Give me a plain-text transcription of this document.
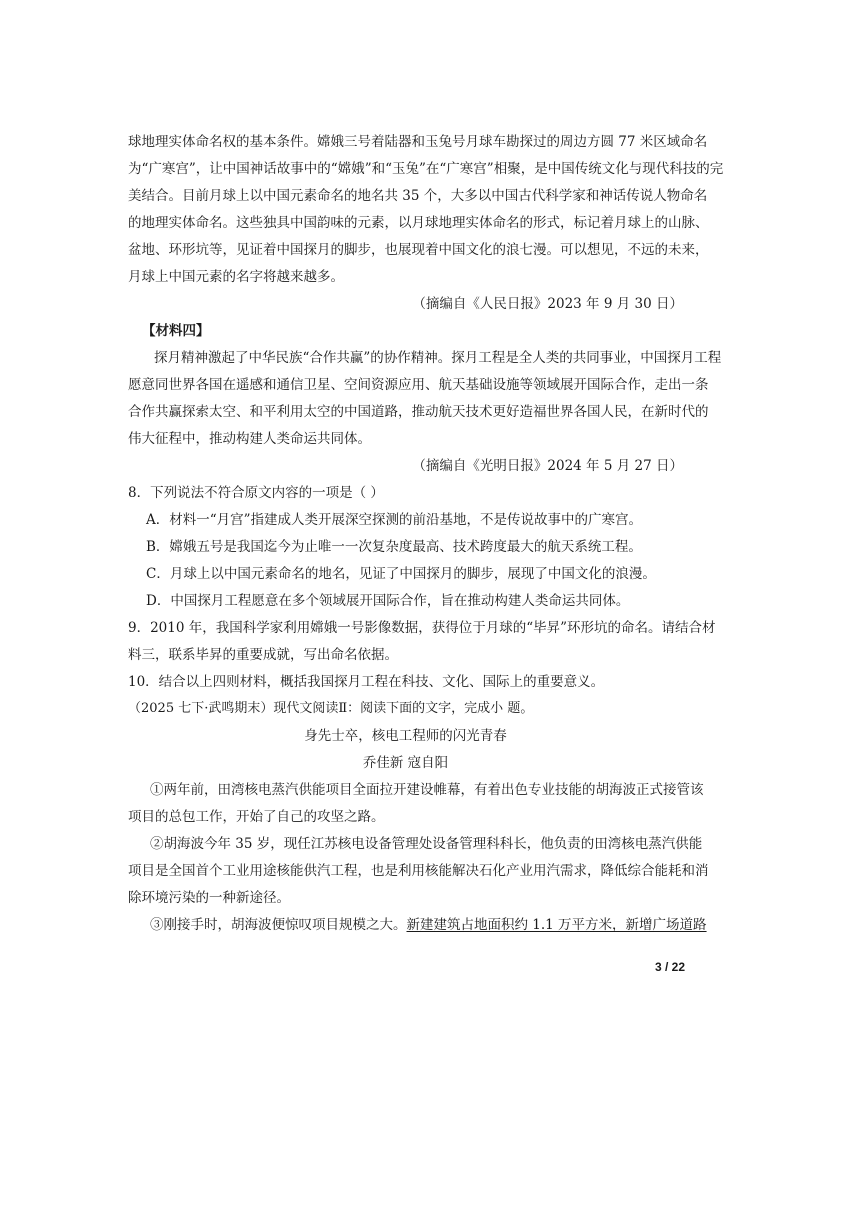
球地理实体命名权的基本条件。嫦娥三号着陆器和玉兔号月球车勘探过的周边方圆 77 米区域命名
为“广寒宫”，让中国神话故事中的“嫦娥”和“玉兔”在“广寒宫”相聚，是中国传统文化与现代科技的完
美结合。目前月球上以中国元素命名的地名共 35 个，大多以中国古代科学家和神话传说人物命名
的地理实体命名。这些独具中国韵味的元素，以月球地理实体命名的形式，标记着月球上的山脉、
盆地、环形坑等，见证着中国探月的脚步，也展现着中国文化的浪七漫。可以想见，不远的未来，
月球上中国元素的名字将越来越多。
（摘编自《人民日报》2023 年 9 月 30 日）
【材料四】
探月精神激起了中华民族“合作共赢”的协作精神。探月工程是全人类的共同事业，中国探月工程
愿意同世界各国在遥感和通信卫星、空间资源应用、航天基础设施等领域展开国际合作，走出一条
合作共赢探索太空、和平利用太空的中国道路，推动航天技术更好造福世界各国人民，在新时代的
伟大征程中，推动构建人类命运共同体。
（摘编自《光明日报》2024 年 5 月 27 日）
8．下列说法不符合原文内容的一项是（ ）
A．材料一“月宫”指建成人类开展深空探测的前沿基地，不是传说故事中的广寒宫。
B．嫦娥五号是我国迄今为止唯一一次复杂度最高、技术跨度最大的航天系统工程。
C．月球上以中国元素命名的地名，见证了中国探月的脚步，展现了中国文化的浪漫。
D．中国探月工程愿意在多个领域展开国际合作，旨在推动构建人类命运共同体。
9．2010 年，我国科学家利用嫦娥一号影像数据，获得位于月球的“毕昇”环形坑的命名。请结合材
料三，联系毕昇的重要成就，写出命名依据。
10．结合以上四则材料，概括我国探月工程在科技、文化、国际上的重要意义。
（2025 七下·武鸣期末）现代文阅读Ⅱ：阅读下面的文字，完成小 题。
身先士卒，核电工程师的闪光青春
乔佳新 寇自阳
①两年前，田湾核电蒸汽供能项目全面拉开建设帷幕，有着出色专业技能的胡海波正式接管该
项目的总包工作，开始了自己的攻坚之路。
②胡海波今年 35 岁，现任江苏核电设备管理处设备管理科科长，他负责的田湾核电蒸汽供能
项目是全国首个工业用途核能供汽工程，也是利用核能解决石化产业用汽需求，降低综合能耗和消
除环境污染的一种新途径。
③刚接手时，胡海波便惊叹项目规模之大。新建建筑占地面积约 1.1 万平方米，新增广场道路
3 / 22
